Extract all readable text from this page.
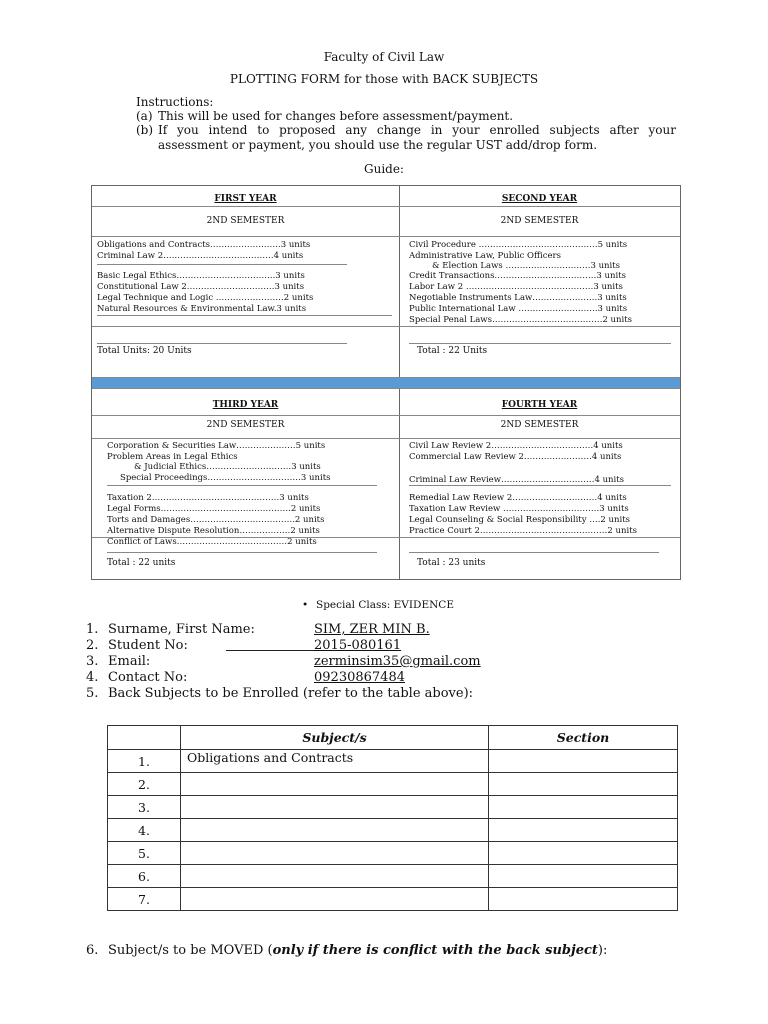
Faculty of Civil Law
PLOTTING FORM for those with BACK SUBJECTS
Instructions:
(a) This will be used for changes before assessment/payment.
(b) If you intend to proposed any change in your enrolled subjects after your
assessment or payment, you should use the regular UST add/drop form.
Guide:
FIRST YEAR
2ND SEMESTER
Obligations and Contracts…………………….3 units
Criminal Law 2…………………………………4 units
Basic Legal Ethics……………………………..3 units
Constitutional Law 2………………………….3 units
Legal Technique and Logic ……………………2 units
Natural Resources & Environmental Law.3 units
Total Units: 20 Units
SECOND YEAR
2ND SEMESTER
Civil Procedure ……………………………………5 units
Administrative Law, Public Officers
& Election Laws …………………………3 units
Credit Transactions………………………………3 units
Labor Law 2 ………………………………………3 units
Negotiable Instruments Law…………………..3 units
Public International Law ……………………….3 units
Special Penal Laws…………………………………2 units
Total : 22 Units
THIRD YEAR
2ND SEMESTER
Corporation & Securities Law…………………5 units
Problem Areas in Legal Ethics
& Judicial Ethics…………………………3 units
Special Proceedings……………………………3 units
Taxation 2………………………………………3 units
Legal Forms……………………………………….2 units
Torts and Damages……………………………….2 units
Alternative Dispute Resolution………………2 units
Conflict of Laws…………………………………2 units
Total : 22 units
FOURTH YEAR
2ND SEMESTER
Civil Law Review 2………………………………4 units
Commercial Law Review 2……………………4 units
Criminal Law Review……………………………4 units
Remedial Law Review 2…………………………4 units
Taxation Law Review …………………………….3 units
Legal Counseling & Social Responsibility ….2 units
Practice Court 2………………………………………2 units
Total : 23 units
• Special Class: EVIDENCE
1. Surname, First Name:	SIM, ZER MIN B.
2. Student No:	2015-080161
3. Email:	zerminsim35@gmail.com
4. Contact No:	09230867484
5. Back Subjects to be Enrolled (refer to the table above):
	Subject/s	Section
1.	Obligations and Contracts	
2.		
3.		
4.		
5.		
6.		
7.		
6. Subject/s to be MOVED (only if there is conflict with the back subject):
